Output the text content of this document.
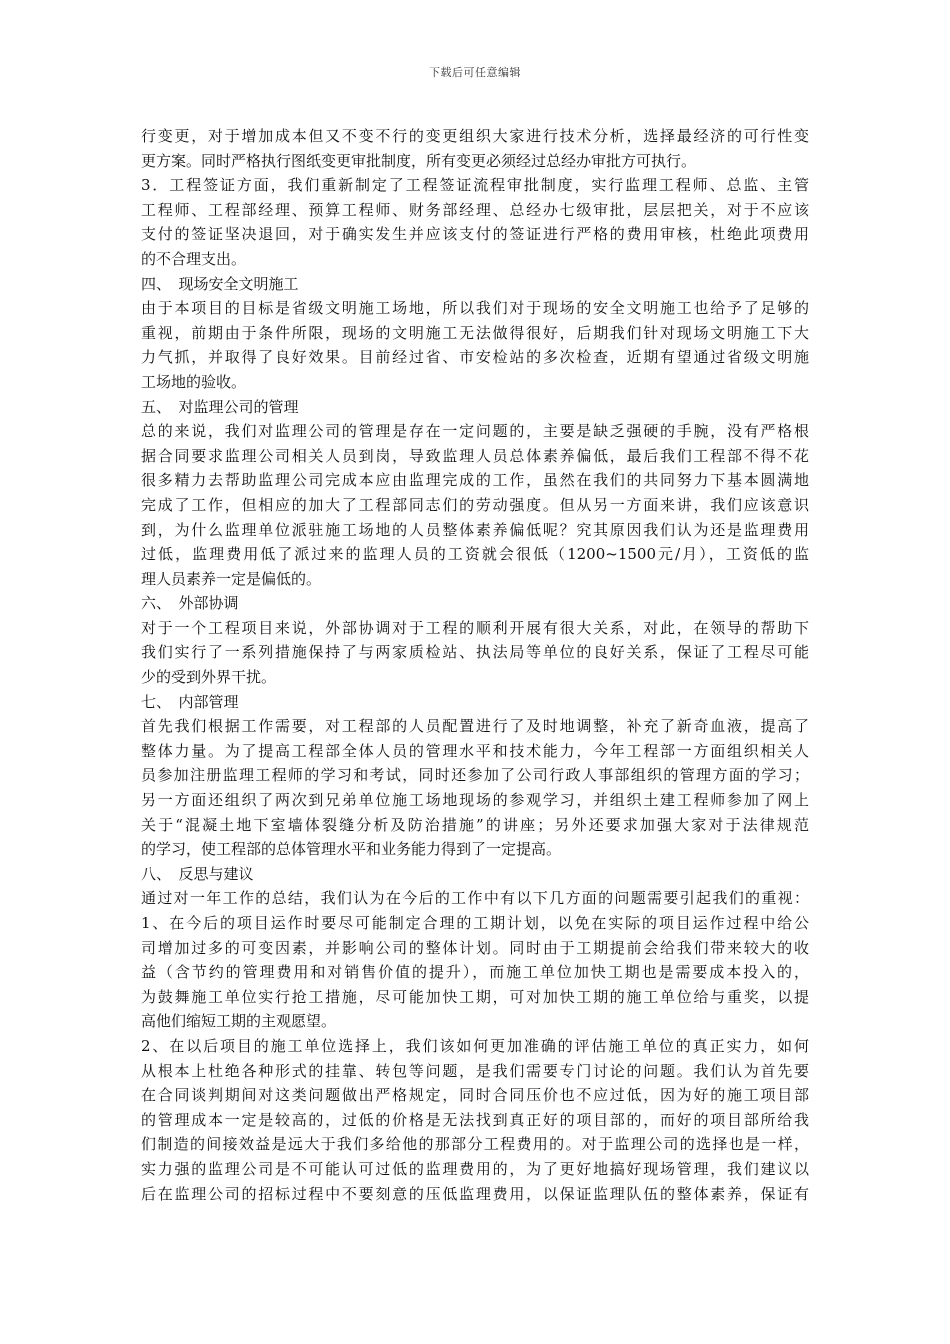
下载后可任意编辑
行变更，对于增加成本但又不变不行的变更组织大家进行技术分析，选择最经济的可行性变
更方案。同时严格执行图纸变更审批制度，所有变更必须经过总经办审批方可执行。
3．工程签证方面，我们重新制定了工程签证流程审批制度，实行监理工程师、总监、主管
工程师、工程部经理、预算工程师、财务部经理、总经办七级审批，层层把关，对于不应该
支付的签证坚决退回，对于确实发生并应该支付的签证进行严格的费用审核，杜绝此项费用
的不合理支出。
四、　现场安全文明施工
由于本项目的目标是省级文明施工场地，所以我们对于现场的安全文明施工也给予了足够的
重视，前期由于条件所限，现场的文明施工无法做得很好，后期我们针对现场文明施工下大
力气抓，并取得了良好效果。目前经过省、市安检站的多次检查，近期有望通过省级文明施
工场地的验收。
五、　对监理公司的管理
总的来说，我们对监理公司的管理是存在一定问题的，主要是缺乏强硬的手腕，没有严格根
据合同要求监理公司相关人员到岗，导致监理人员总体素养偏低，最后我们工程部不得不花
很多精力去帮助监理公司完成本应由监理完成的工作，虽然在我们的共同努力下基本圆满地
完成了工作，但相应的加大了工程部同志们的劳动强度。但从另一方面来讲，我们应该意识
到，为什么监理单位派驻施工场地的人员整体素养偏低呢？究其原因我们认为还是监理费用
过低，监理费用低了派过来的监理人员的工资就会很低（1200~1500元/月），工资低的监
理人员素养一定是偏低的。
六、　外部协调
对于一个工程项目来说，外部协调对于工程的顺利开展有很大关系，对此，在领导的帮助下
我们实行了一系列措施保持了与两家质检站、执法局等单位的良好关系，保证了工程尽可能
少的受到外界干扰。
七、　内部管理
首先我们根据工作需要，对工程部的人员配置进行了及时地调整，补充了新奇血液，提高了
整体力量。为了提高工程部全体人员的管理水平和技术能力，今年工程部一方面组织相关人
员参加注册监理工程师的学习和考试，同时还参加了公司行政人事部组织的管理方面的学习；
另一方面还组织了两次到兄弟单位施工场地现场的参观学习，并组织土建工程师参加了网上
关于“混凝土地下室墙体裂缝分析及防治措施”的讲座；另外还要求加强大家对于法律规范
的学习，使工程部的总体管理水平和业务能力得到了一定提高。
八、　反思与建议
通过对一年工作的总结，我们认为在今后的工作中有以下几方面的问题需要引起我们的重视：
1、在今后的项目运作时要尽可能制定合理的工期计划，以免在实际的项目运作过程中给公
司增加过多的可变因素，并影响公司的整体计划。同时由于工期提前会给我们带来较大的收
益（含节约的管理费用和对销售价值的提升），而施工单位加快工期也是需要成本投入的，
为鼓舞施工单位实行抢工措施，尽可能加快工期，可对加快工期的施工单位给与重奖，以提
高他们缩短工期的主观愿望。
2、在以后项目的施工单位选择上，我们该如何更加准确的评估施工单位的真正实力，如何
从根本上杜绝各种形式的挂靠、转包等问题，是我们需要专门讨论的问题。我们认为首先要
在合同谈判期间对这类问题做出严格规定，同时合同压价也不应过低，因为好的施工项目部
的管理成本一定是较高的，过低的价格是无法找到真正好的项目部的，而好的项目部所给我
们制造的间接效益是远大于我们多给他的那部分工程费用的。对于监理公司的选择也是一样，
实力强的监理公司是不可能认可过低的监理费用的，为了更好地搞好现场管理，我们建议以
后在监理公司的招标过程中不要刻意的压低监理费用，以保证监理队伍的整体素养，保证有
